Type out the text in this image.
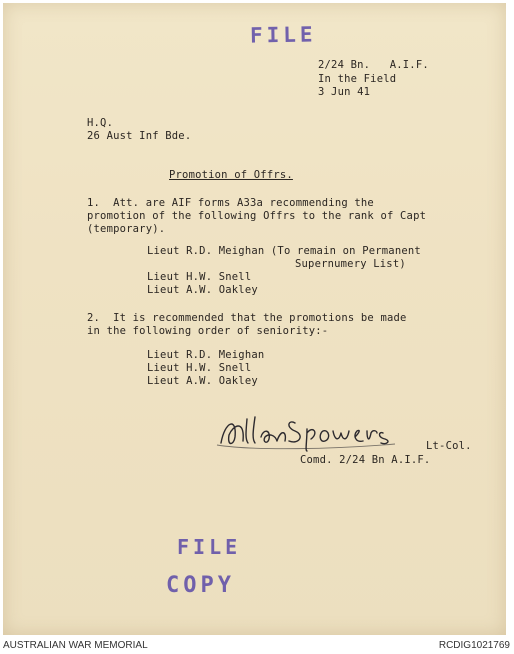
FILE
2/24 Bn.   A.I.F.
In the Field
3 Jun 41
H.Q.
26 Aust Inf Bde.
Promotion of Offrs.
1.  Att. are AIF forms A33a recommending the
promotion of the following Offrs to the rank of Capt
(temporary).
Lieut R.D. Meighan (To remain on Permanent
Supernumery List)
Lieut H.W. Snell
Lieut A.W. Oakley
2.  It is recommended that the promotions be made
in the following order of seniority:-
Lieut R.D. Meighan
Lieut H.W. Snell
Lieut A.W. Oakley
Lt-Col.
Comd. 2/24 Bn A.I.F.
FILE
COPY
AUSTRALIAN WAR MEMORIAL	RCDIG1021769
